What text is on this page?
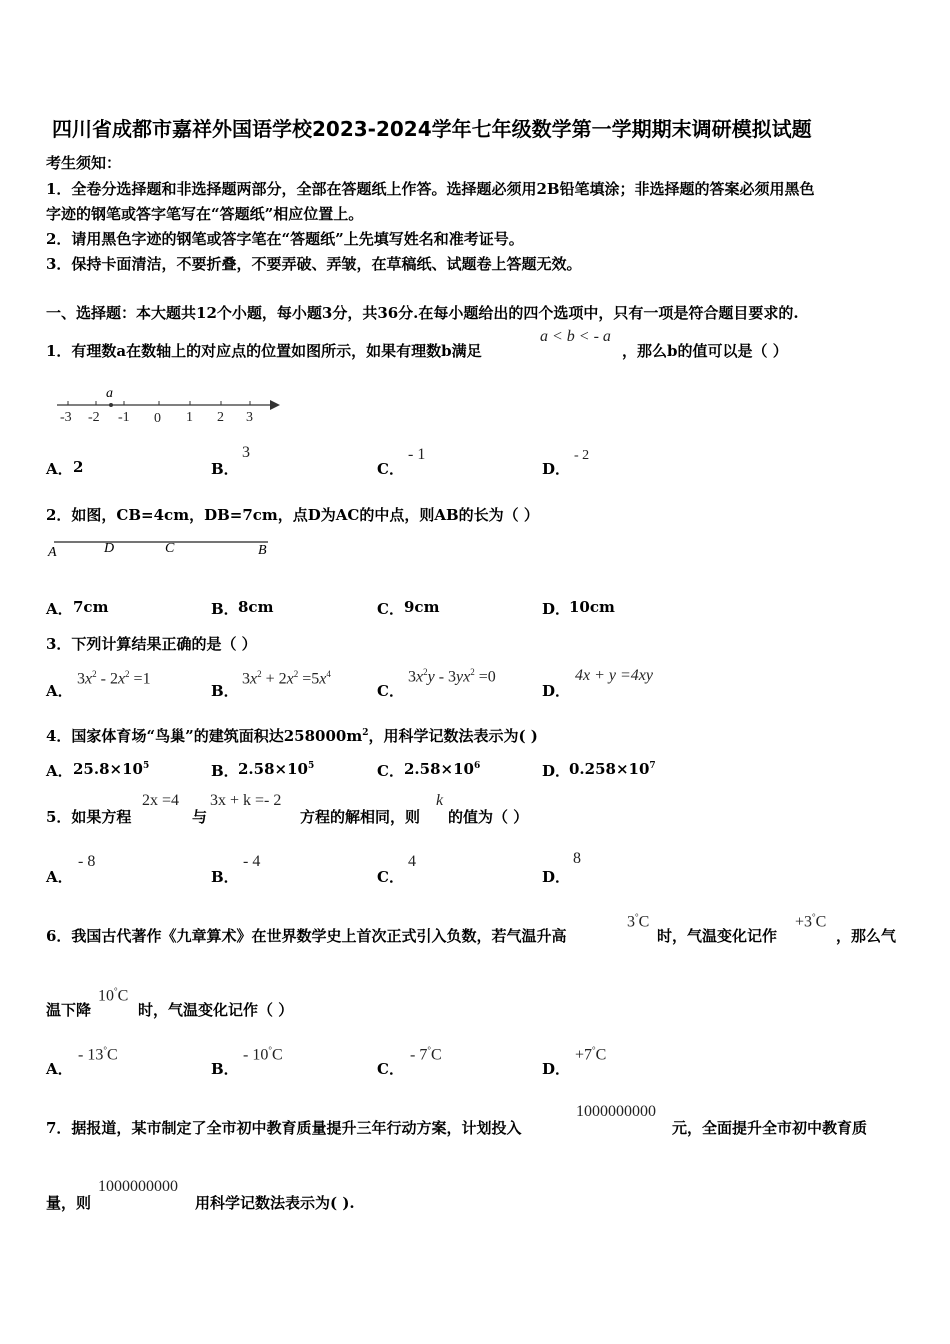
四川省成都市嘉祥外国语学校2023-2024学年七年级数学第一学期期末调研模拟试题
考生须知：
1．全卷分选择题和非选择题两部分，全部在答题纸上作答。选择题必须用2B铅笔填涂；非选择题的答案必须用黑色
字迹的钢笔或答字笔写在“答题纸”相应位置上。
2．请用黑色字迹的钢笔或答字笔在“答题纸”上先填写姓名和准考证号。
3．保持卡面清洁，不要折叠，不要弄破、弄皱，在草稿纸、试题卷上答题无效。
一、选择题：本大题共12个小题，每小题3分，共36分.在每小题给出的四个选项中，只有一项是符合题目要求的.
1．有理数a在数轴上的对应点的位置如图所示，如果有理数b满足
a < b < - a
，那么b的值可以是（ ）
a
-3 -2 -1 0 1 2 3
A． 2	B．
3
C．
- 1
D．
- 2
2．如图，CB=4cm，DB=7cm，点D为AC的中点，则AB的长为（ ）
A	D	C	B
A． 7cm	B． 8cm	C． 9cm	D．
10cm
3．下列计算结果正确的是（ ）
A．
$3x^2 - 2x^2 =1$
B．
$3x^2 + 2x^2 =5x^4$
C．
$3x^2y - 3yx^2 =0$
D．
4x + y =4xy
4．国家体育场“鸟巢”的建筑面积达$258000m^2$，用科学记数法表示为( )
A． $25.8\times 10^5$	B． $2.58\times 10^5$	C． $2.58\times 10^6$	D．
$0.258\times 10^7$
5．如果方程
2x =4
与
3x + k =- 2
方程的解相同，则
k
的值为（ ）
A．
- 8
B．
- 4
C．
4
D．
8
6．我国古代著作《九章算术》在世界数学史上首次正式引入负数，若气温升高
3°C
时，气温变化记作
+3°C
，那么气
温下降
10°C
时，气温变化记作（ ）
A．
- 13°C
B．
- 10°C
C．
- 7°C
D．
+7°C
7．据报道，某市制定了全市初中教育质量提升三年行动方案，计划投入
1000000000
元，全面提升全市初中教育质
量，则
1000000000
用科学记数法表示为( ).
